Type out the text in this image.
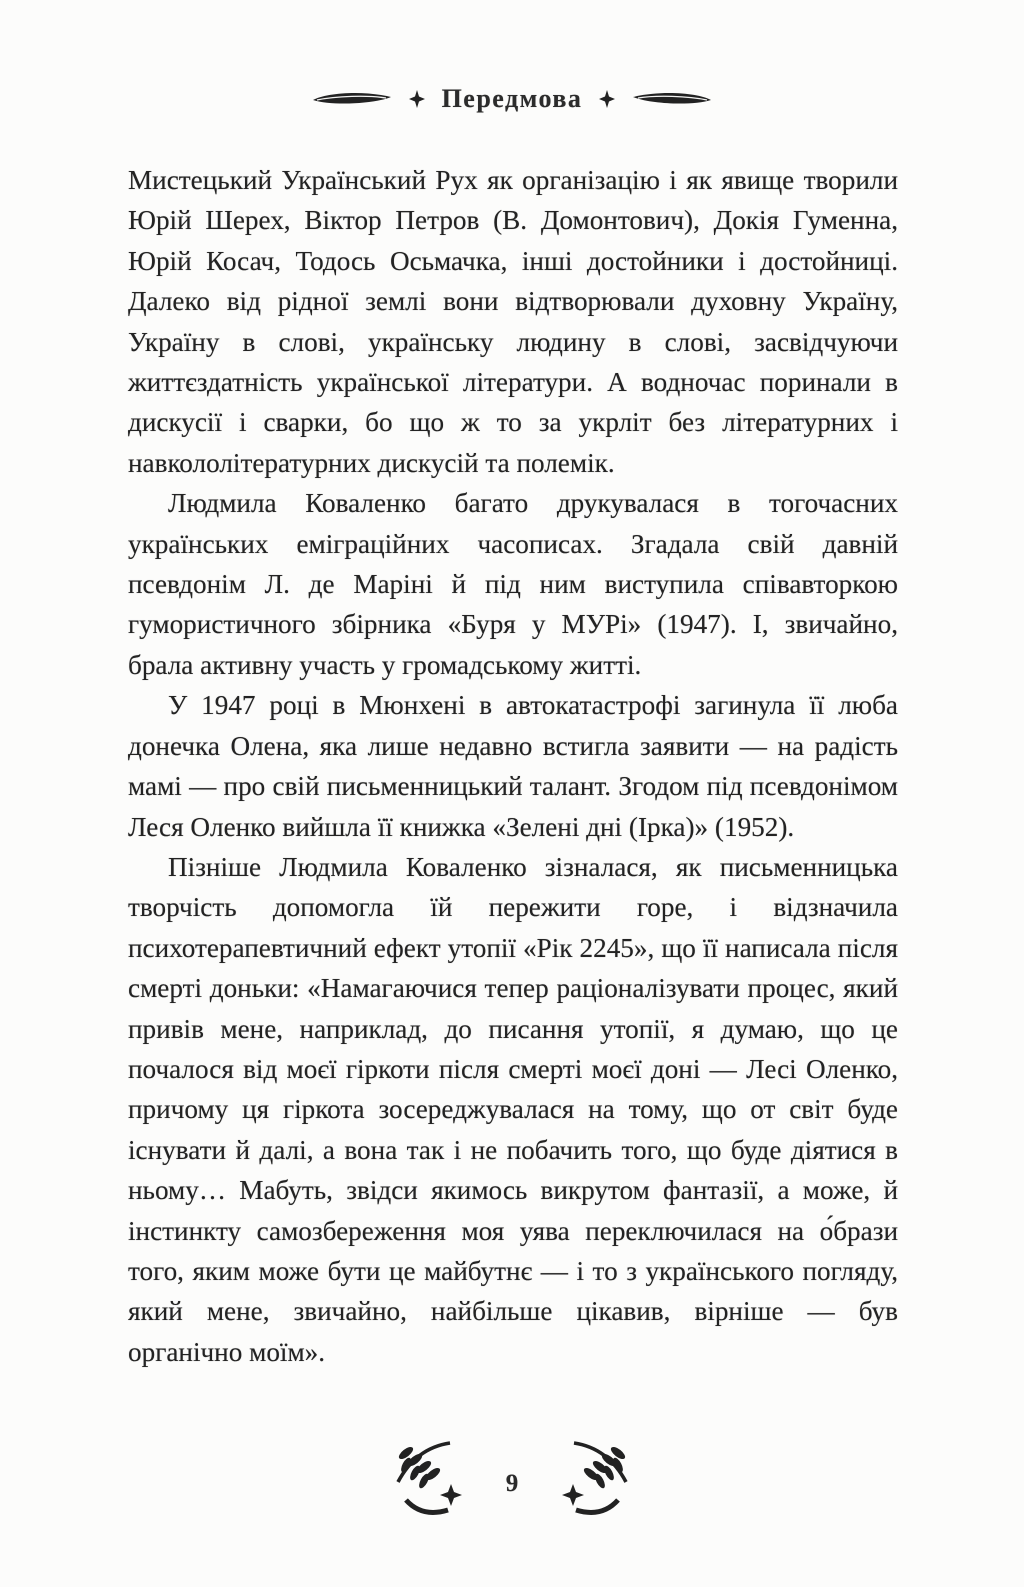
Передмова

Мистецький Український Рух як організацію і як явище творили Юрій Шерех, Віктор Петров (В. Домонтович), Докія Гуменна, Юрій Косач, Тодось Осьмачка, інші достойники і достойниці. Далеко від рідної землі вони відтворювали духовну Україну, Україну в слові, українську людину в слові, засвідчуючи життєздатність української літератури. А водночас поринали в дискусії і сварки, бо що ж то за укрліт без літературних і навкололітературних дискусій та полемік.

Людмила Коваленко багато друкувалася в тогочасних українських еміграційних часописах. Згадала свій давній псевдонім Л. де Маріні й під ним виступила співавторкою гумористичного збірника «Буря у МУРі» (1947). І, звичайно, брала активну участь у громадському житті.

У 1947 році в Мюнхені в автокатастрофі загинула її люба донечка Олена, яка лише недавно встигла заявити — на радість мамі — про свій письменницький талант. Згодом під псевдонімом Леся Оленко вийшла її книжка «Зелені дні (Ірка)» (1952).

Пізніше Людмила Коваленко зізналася, як письменницька творчість допомогла їй пережити горе, і відзначила психотерапевтичний ефект утопії «Рік 2245», що її написала після смерті доньки: «Намагаючися тепер раціоналізувати процес, який привів мене, наприклад, до писання утопії, я думаю, що це почалося від моєї гіркоти після смерті моєї доні — Лесі Оленко, причому ця гіркота зосереджувалася на тому, що от світ буде існувати й далі, а вона так і не побачить того, що буде діятися в ньому… Мабуть, звідси якимось викрутом фантазії, а може, й інстинкту самозбереження моя уява переключилася на о́брази того, яким може бути це майбутнє — і то з українського погляду, який мене, звичайно, найбільше цікавив, вірніше — був органічно моїм».

9
